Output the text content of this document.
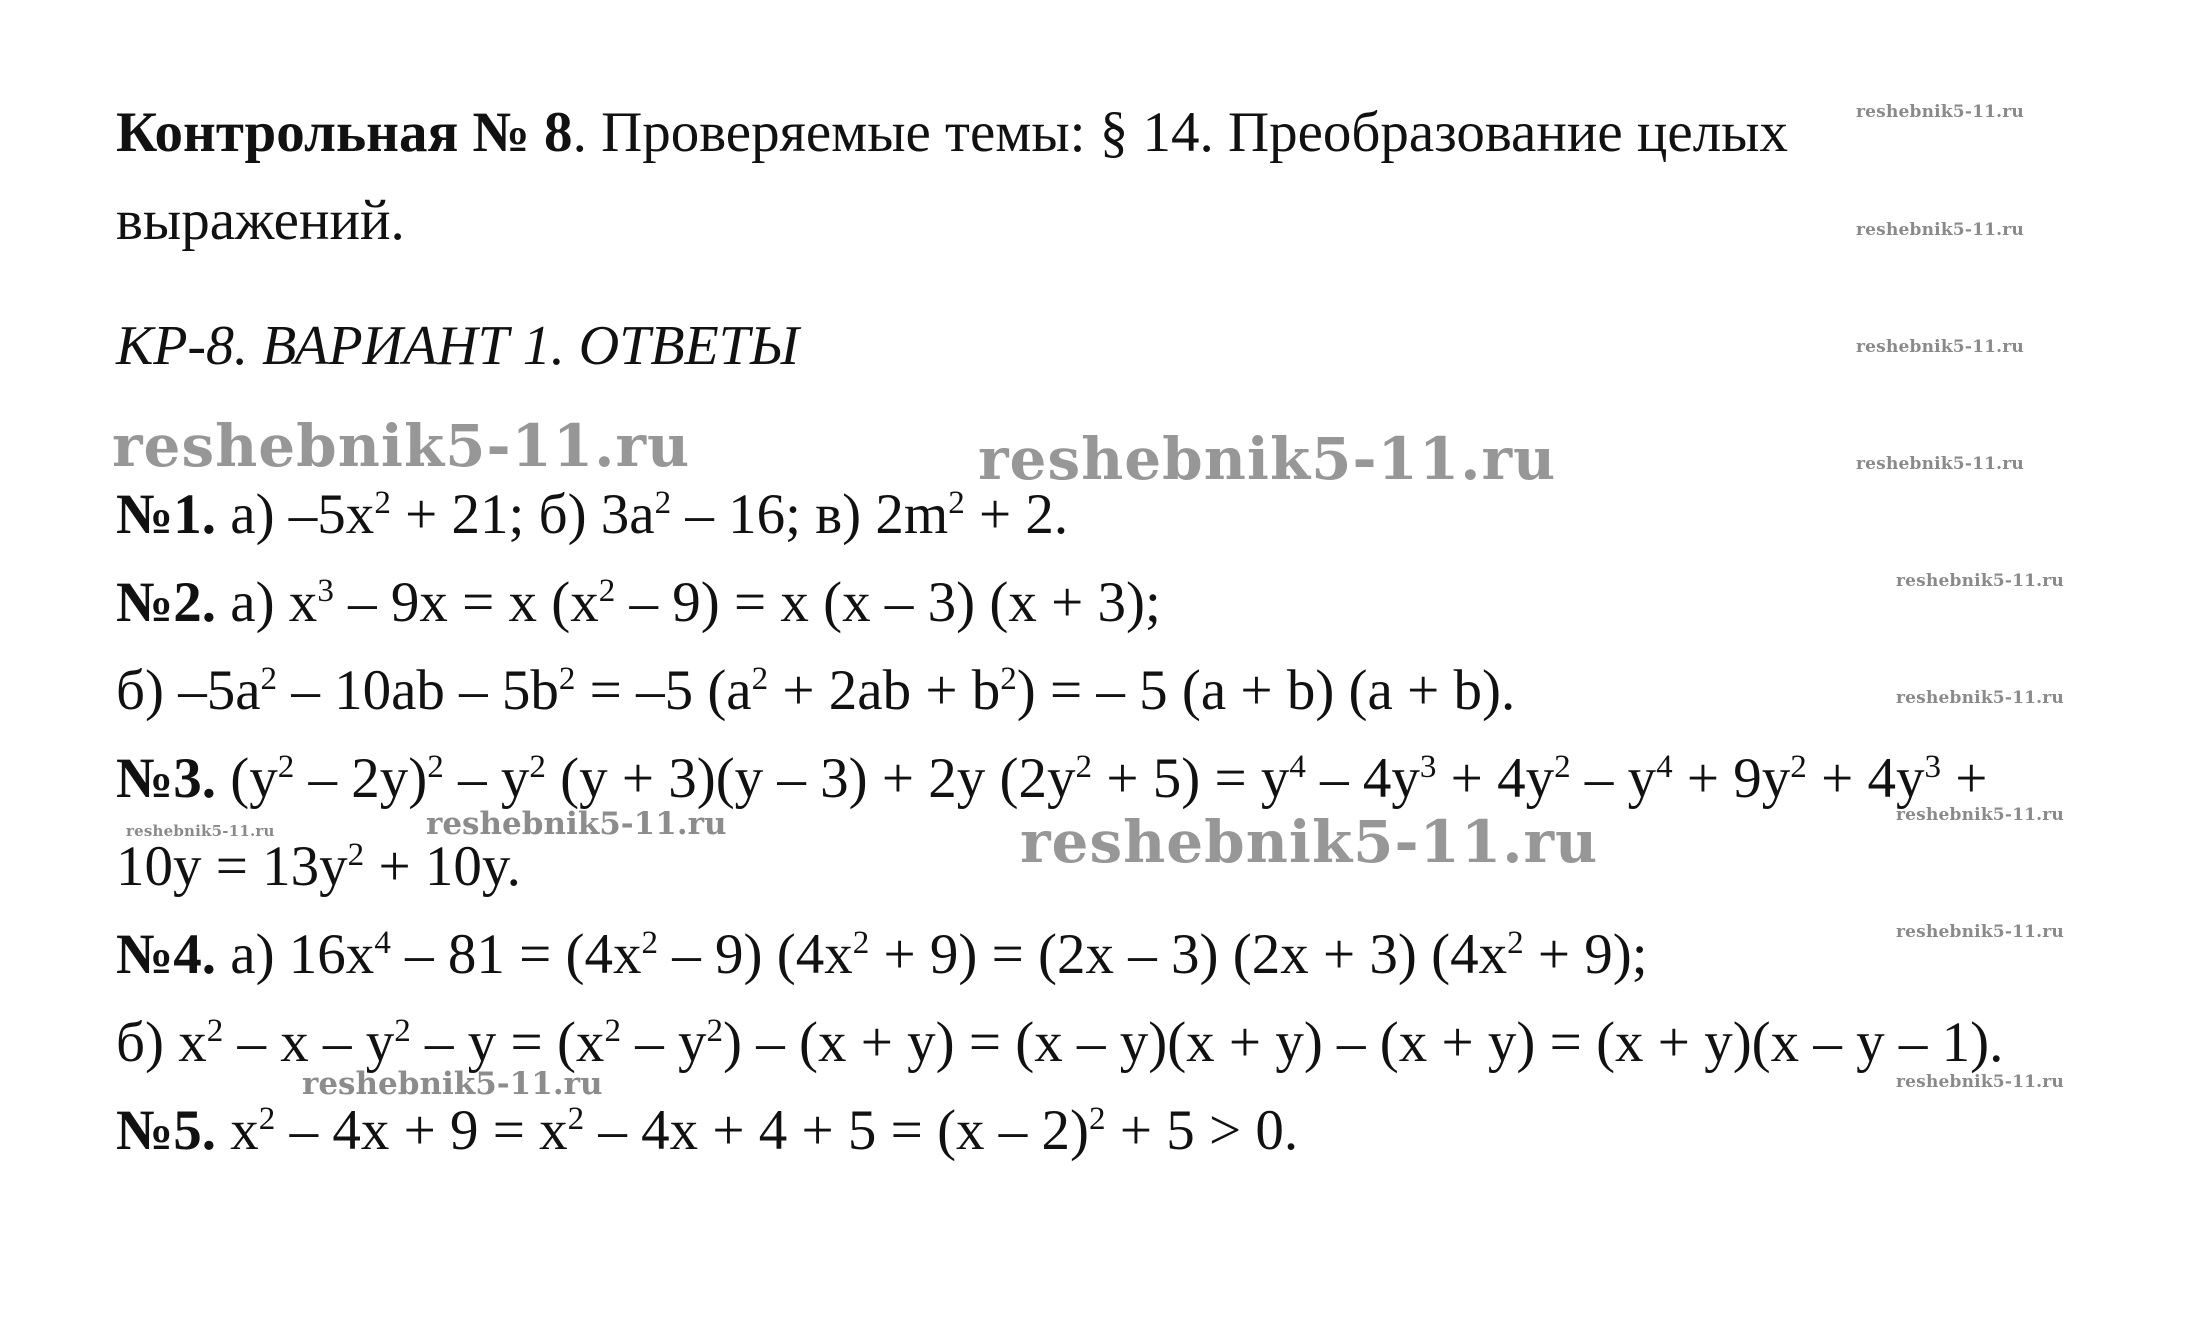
reshebnik5-11.ru
reshebnik5-11.ru
reshebnik5-11.ru
reshebnik5-11.ru
reshebnik5-11.ru
reshebnik5-11.ru
reshebnik5-11.ru
reshebnik5-11.ru
reshebnik5-11.ru
reshebnik5-11.ru
reshebnik5-11.ru	reshebnik5-11.ru
reshebnik5-11.ru
reshebnik5-11.ru
reshebnik5-11.ru
Контрольная № 8. Проверяемые темы: § 14. Преобразование целых
выражений.
КР-8. ВАРИАНТ 1. ОТВЕТЫ
№1. а) $-5x^2 + 21$; б) $3a^2 - 16$; в) $2m^2 + 2$.
№2. а) $x^3 - 9x = x$ $(x^2 - 9) = x$ (x – 3) (x + 3);
б) $-5a^2 - 10ab - 5b^2 = -5$ $(a^2 + 2ab + b^2)$ = – 5 (a + b) (a + b).
№3. $(y^2 - 2y)^2 - y^2$ (y + 3)(y – 3) + 2y $(2y^2 + 5) = y^4 - 4y^3 + 4y^2 - y^4 + 9y^2 + 4y^3$ +
$10y = 13y^2 + 10y$.
№4. а) $16x^4 - 81 = (4x^2 - 9) (4x^2 + 9) = (2x - 3) (2x + 3) (4x^2 + 9)$;
б) $x^2 - x - y^2 - y = (x^2 - y^2) - (x + y) = (x - y)(x + y) - (x + y) = (x + y)(x - y - 1)$.
№5. $x^2 - 4x + 9 = x^2 - 4x + 4 + 5 = (x - 2)^2 + 5 > 0$.
